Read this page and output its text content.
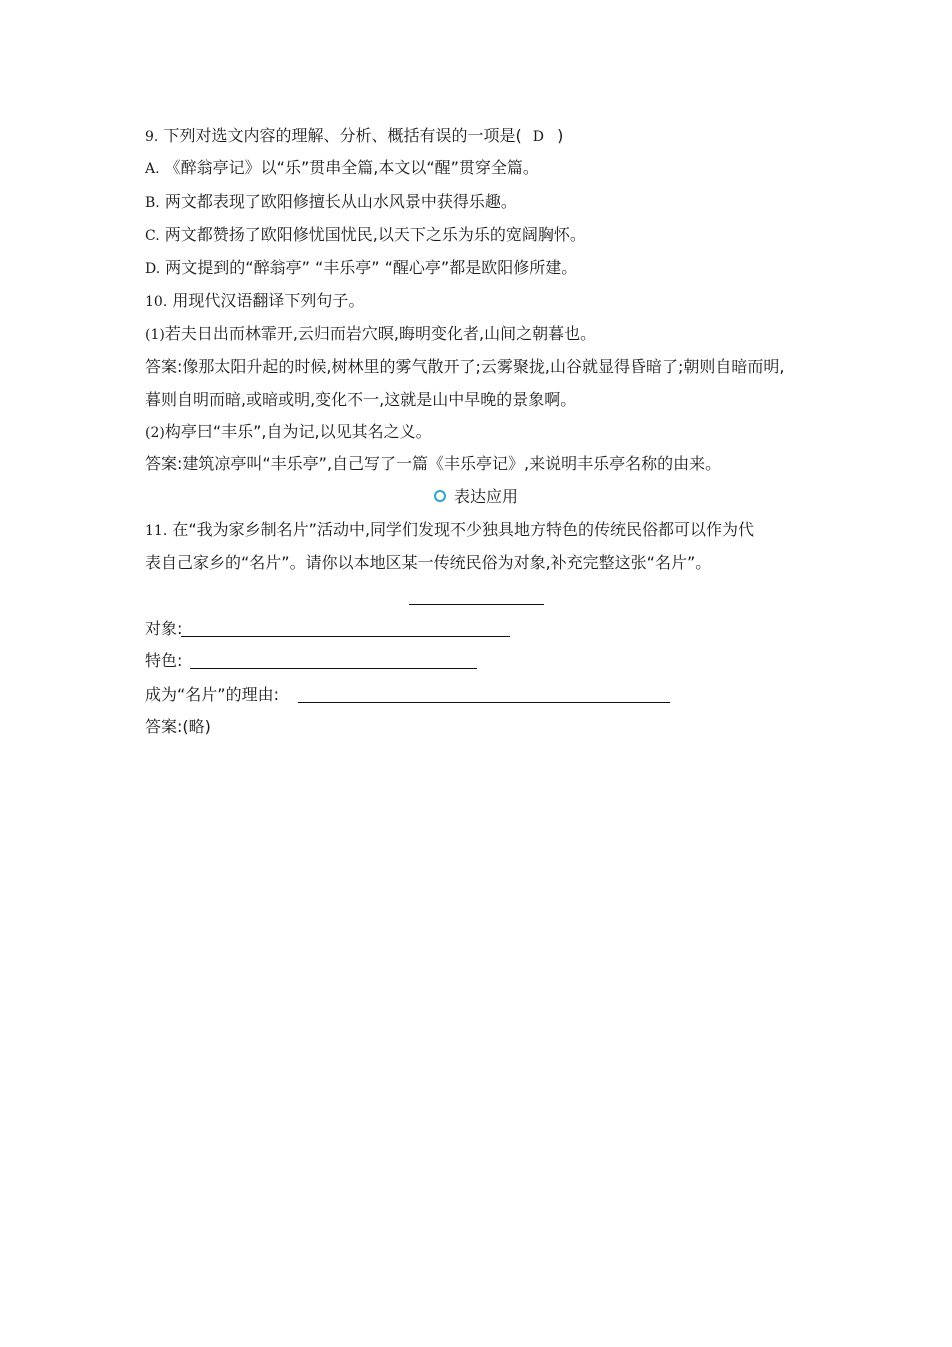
9. 下列对选文内容的理解、分析、概括有误的一项是( D )
A. 《醉翁亭记》以“乐”贯串全篇,本文以“醒”贯穿全篇。
B. 两文都表现了欧阳修擅长从山水风景中获得乐趣。
C. 两文都赞扬了欧阳修忧国忧民,以天下之乐为乐的宽阔胸怀。
D. 两文提到的“醉翁亭” “丰乐亭” “醒心亭”都是欧阳修所建。
10. 用现代汉语翻译下列句子。
(1)若夫日出而林霏开,云归而岩穴暝,晦明变化者,山间之朝暮也。
答案:像那太阳升起的时候,树林里的雾气散开了;云雾聚拢,山谷就显得昏暗了;朝则自暗而明,
暮则自明而暗,或暗或明,变化不一,这就是山中早晚的景象啊。
(2)构亭曰“丰乐”,自为记,以见其名之义。
答案:建筑凉亭叫“丰乐亭”,自己写了一篇《丰乐亭记》,来说明丰乐亭名称的由来。
表达应用
11. 在“我为家乡制名片”活动中,同学们发现不少独具地方特色的传统民俗都可以作为代
表自己家乡的“名片”。请你以本地区某一传统民俗为对象,补充完整这张“名片”。
对象:
特色:
成为“名片”的理由:
答案:(略)
